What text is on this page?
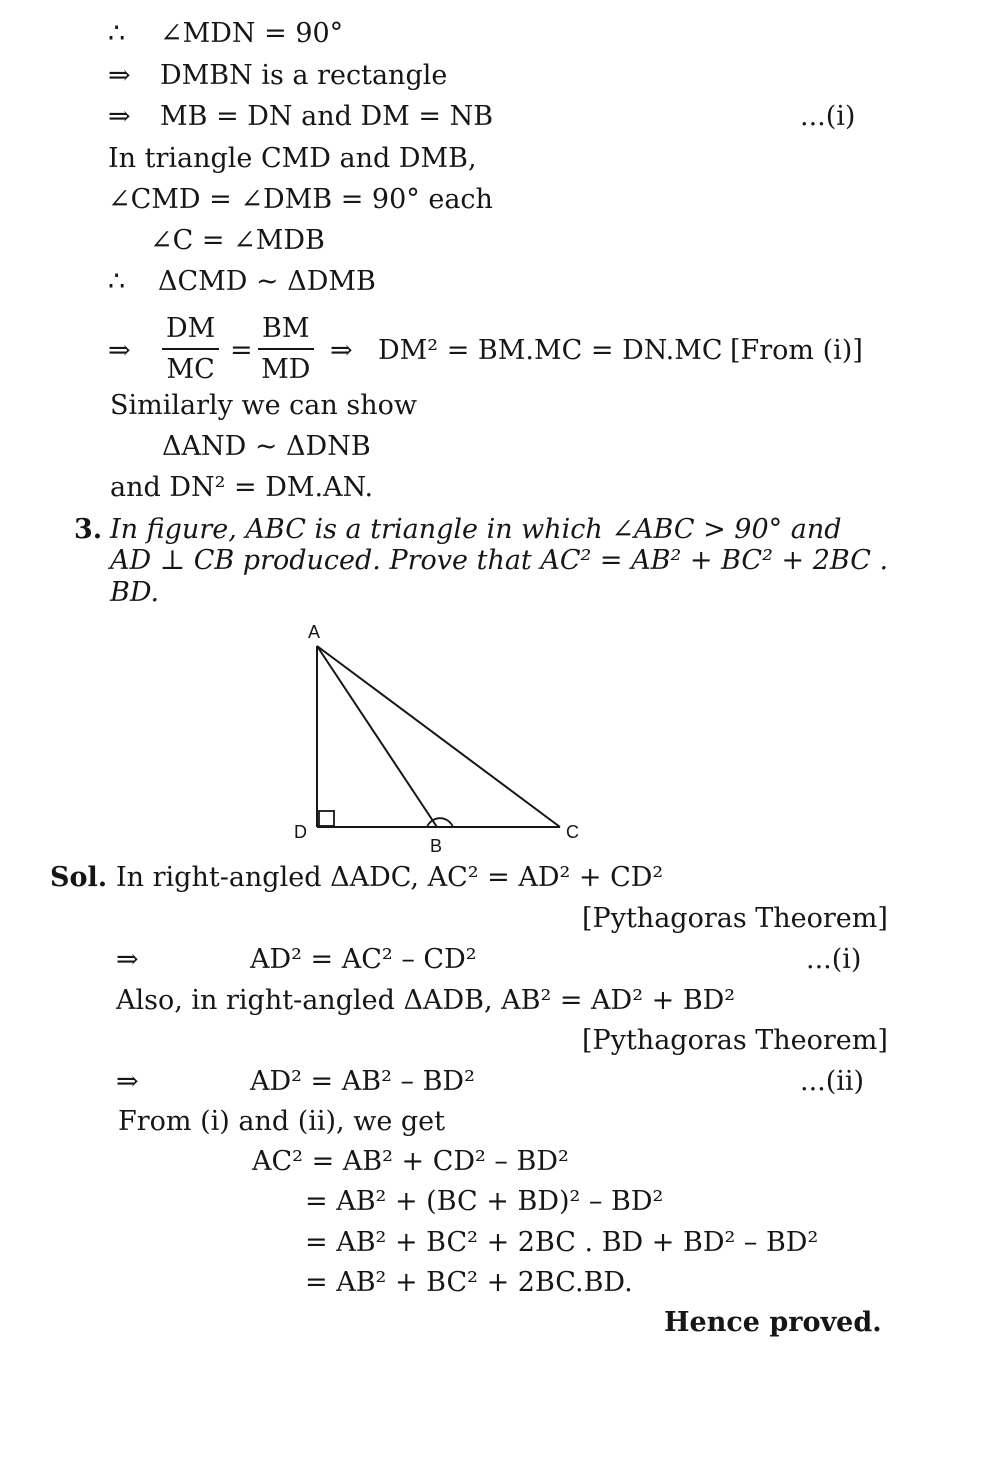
∴ ∠MDN = 90°
⇒ DMBN is a rectangle
⇒ MB = DN and DM = NB	...(i)
In triangle CMD and DMB,
∠CMD = ∠DMB = 90° each
∠C = ∠MDB
∴ ΔCMD ~ ΔDMB
⇒ $\frac{DM}{MC} = \frac{BM}{MD}$ ⇒ DM² = BM.MC = DN.MC [From (i)]
Similarly we can show
ΔAND ~ ΔDNB
and DN² = DM.AN.
3. In figure, ABC is a triangle in which ∠ABC > 90° and
AD ⊥ CB produced. Prove that AC² = AB² + BC² + 2BC .
BD.
A
B
C
D
Sol. In right-angled ΔADC, AC² = AD² + CD²
[Pythagoras Theorem]
⇒	AD² = AC² – CD²	...(i)
Also, in right-angled ΔADB, AB² = AD² + BD²
[Pythagoras Theorem]
⇒	AD² = AB² – BD²	...(ii)
From (i) and (ii), we get
AC² = AB² + CD² – BD²
= AB² + (BC + BD)² – BD²
= AB² + BC² + 2BC . BD + BD² – BD²
= AB² + BC² + 2BC.BD.
Hence proved.
